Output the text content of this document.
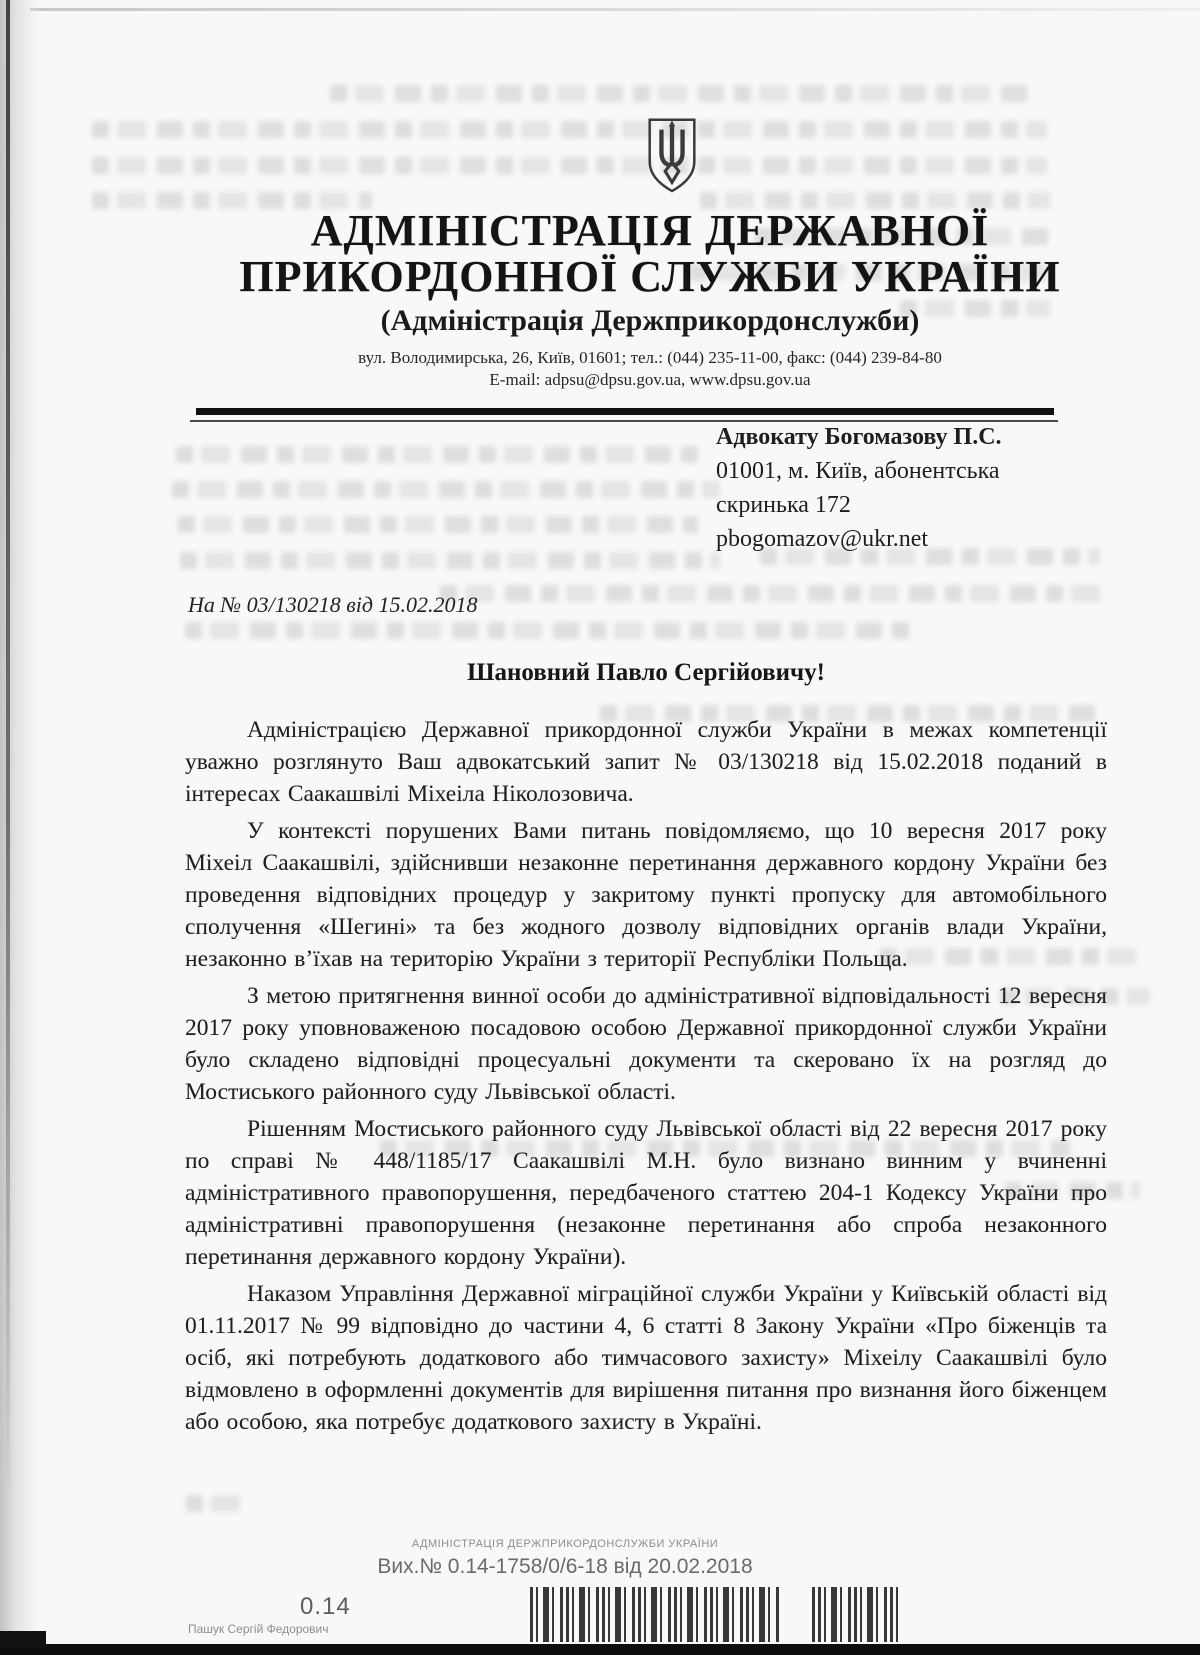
АДМІНІСТРАЦІЯ ДЕРЖАВНОЇ
ПРИКОРДОННОЇ СЛУЖБИ УКРАЇНИ
(Адміністрація Держприкордонслужби)
вул. Володимирська, 26, Київ, 01601; тел.: (044) 235-11-00, факс: (044) 239-84-80
E-mail: adpsu@dpsu.gov.ua, www.dpsu.gov.ua
Адвокату Богомазову П.С.
01001, м. Київ, абонентська
скринька 172
pbogomazov@ukr.net
На № 03/130218 від 15.02.2018
Шановний Павло Сергійовичу!

Адміністрацією Державної прикордонної служби України в межах компетенції уважно розглянуто Ваш адвокатський запит № 03/130218 від 15.02.2018 поданий в інтересах Саакашвілі Міхеіла Ніколозовича.

У контексті порушених Вами питань повідомляємо, що 10 вересня 2017 року Міхеіл Саакашвілі, здійснивши незаконне перетинання державного кордону України без проведення відповідних процедур у закритому пункті пропуску для автомобільного сполучення «Шегині» та без жодного дозволу відповідних органів влади України, незаконно в’їхав на територію України з території Республіки Польща.

З метою притягнення винної особи до адміністративної відповідальності 12 вересня 2017 року уповноваженою посадовою особою Державної прикордонної служби України було складено відповідні процесуальні документи та скеровано їх на розгляд до Мостиського районного суду Львівської області.

Рішенням Мостиського районного суду Львівської області від 22 вересня 2017 року по справі № 448/1185/17 Саакашвілі М.Н. було визнано винним у вчиненні адміністративного правопорушення, передбаченого статтею 204-1 Кодексу України про адміністративні правопорушення (незаконне перетинання або спроба незаконного перетинання державного кордону України).

Наказом Управління Державної міграційної служби України у Київській області від 01.11.2017 № 99 відповідно до частини 4, 6 статті 8 Закону України «Про біженців та осіб, які потребують додаткового або тимчасового захисту» Міхеілу Саакашвілі було відмовлено в оформленні документів для вирішення питання про визнання його біженцем або особою, яка потребує додаткового захисту в Україні.

АДМІНІСТРАЦІЯ ДЕРЖПРИКОРДОНСЛУЖБИ УКРАЇНИ
Вих.№ 0.14-1758/0/6-18 від 20.02.2018
0.14
Пашук Сергій Федорович
